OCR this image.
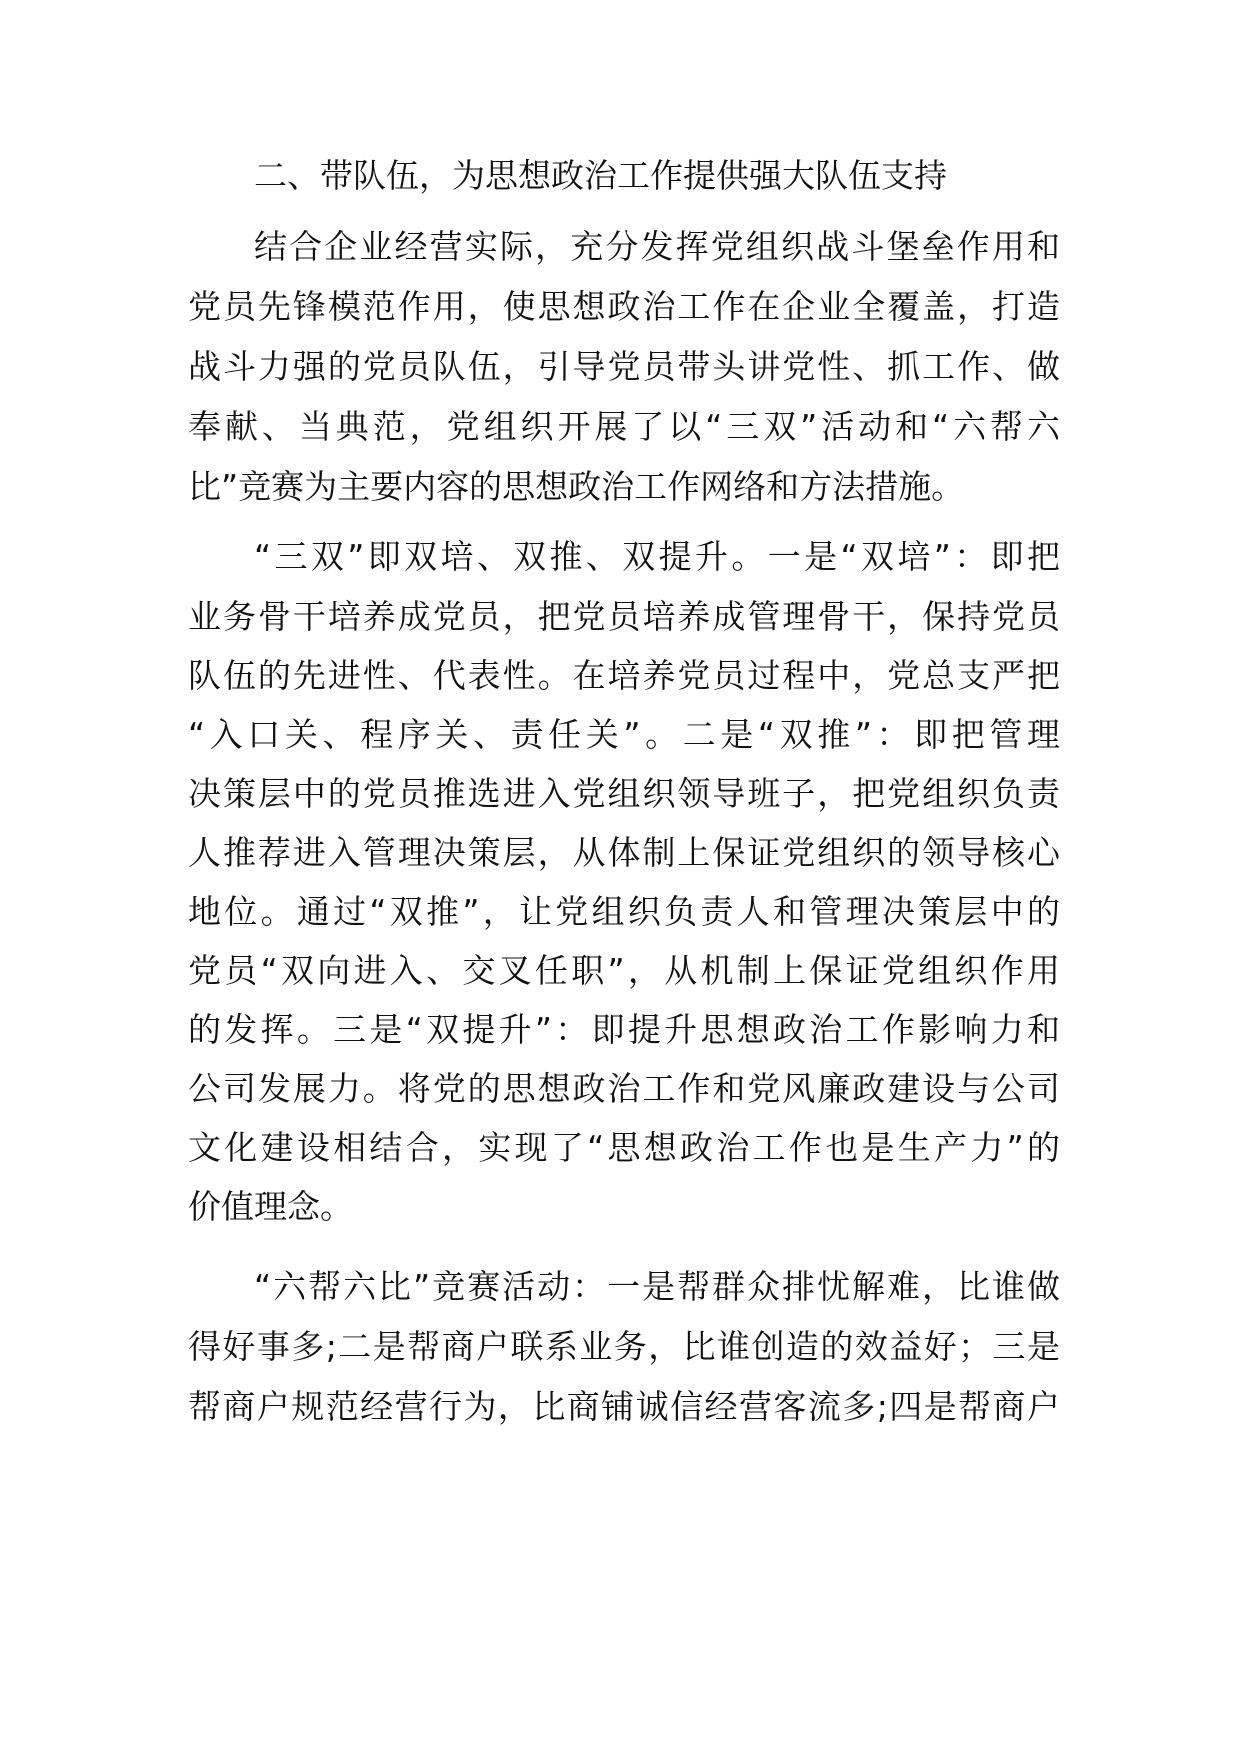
二、带队伍，为思想政治工作提供强大队伍支持
结合企业经营实际，充分发挥党组织战斗堡垒作用和
党员先锋模范作用，使思想政治工作在企业全覆盖，打造
战斗力强的党员队伍，引导党员带头讲党性、抓工作、做
奉献、当典范，党组织开展了以“三双”活动和“六帮六
比”竞赛为主要内容的思想政治工作网络和方法措施。
“三双”即双培、双推、双提升。一是“双培”：即把
业务骨干培养成党员，把党员培养成管理骨干，保持党员
队伍的先进性、代表性。在培养党员过程中，党总支严把
“入口关、程序关、责任关”。二是“双推”：即把管理
决策层中的党员推选进入党组织领导班子，把党组织负责
人推荐进入管理决策层，从体制上保证党组织的领导核心
地位。通过“双推”，让党组织负责人和管理决策层中的
党员“双向进入、交叉任职”，从机制上保证党组织作用
的发挥。三是“双提升”：即提升思想政治工作影响力和
公司发展力。将党的思想政治工作和党风廉政建设与公司
文化建设相结合，实现了“思想政治工作也是生产力”的
价值理念。
“六帮六比”竞赛活动：一是帮群众排忧解难，比谁做
得好事多;二是帮商户联系业务，比谁创造的效益好；三是
帮商户规范经营行为，比商铺诚信经营客流多;四是帮商户
